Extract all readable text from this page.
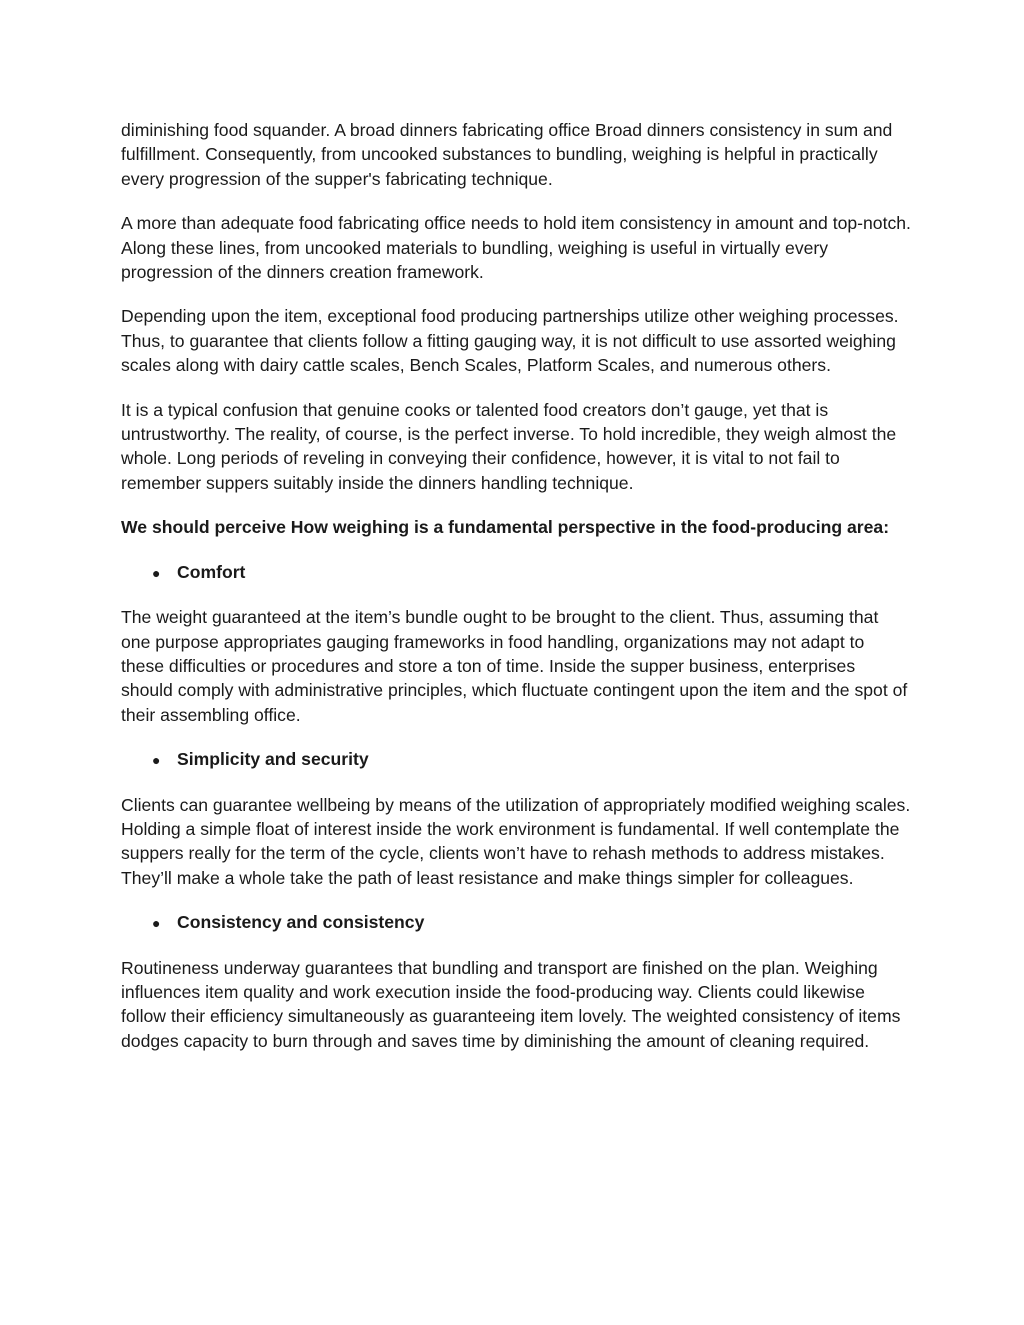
diminishing food squander. A broad dinners fabricating office Broad dinners consistency in sum and fulfillment. Consequently, from uncooked substances to bundling, weighing is helpful in practically every progression of the supper's fabricating technique.

A more than adequate food fabricating office needs to hold item consistency in amount and top-notch. Along these lines, from uncooked materials to bundling, weighing is useful in virtually every progression of the dinners creation framework.

Depending upon the item, exceptional food producing partnerships utilize other weighing processes. Thus, to guarantee that clients follow a fitting gauging way, it is not difficult to use assorted weighing scales along with dairy cattle scales, Bench Scales, Platform Scales, and numerous others.

It is a typical confusion that genuine cooks or talented food creators don’t gauge, yet that is untrustworthy. The reality, of course, is the perfect inverse. To hold incredible, they weigh almost the whole. Long periods of reveling in conveying their confidence, however, it is vital to not fail to remember suppers suitably inside the dinners handling technique.

We should perceive How weighing is a fundamental perspective in the food-producing area:

● Comfort

The weight guaranteed at the item’s bundle ought to be brought to the client. Thus, assuming that one purpose appropriates gauging frameworks in food handling, organizations may not adapt to these difficulties or procedures and store a ton of time. Inside the supper business, enterprises should comply with administrative principles, which fluctuate contingent upon the item and the spot of their assembling office.

● Simplicity and security

Clients can guarantee wellbeing by means of the utilization of appropriately modified weighing scales. Holding a simple float of interest inside the work environment is fundamental. If well contemplate the suppers really for the term of the cycle, clients won’t have to rehash methods to address mistakes. They’ll make a whole take the path of least resistance and make things simpler for colleagues.

● Consistency and consistency

Routineness underway guarantees that bundling and transport are finished on the plan. Weighing influences item quality and work execution inside the food-producing way. Clients could likewise follow their efficiency simultaneously as guaranteeing item lovely. The weighted consistency of items dodges capacity to burn through and saves time by diminishing the amount of cleaning required.
